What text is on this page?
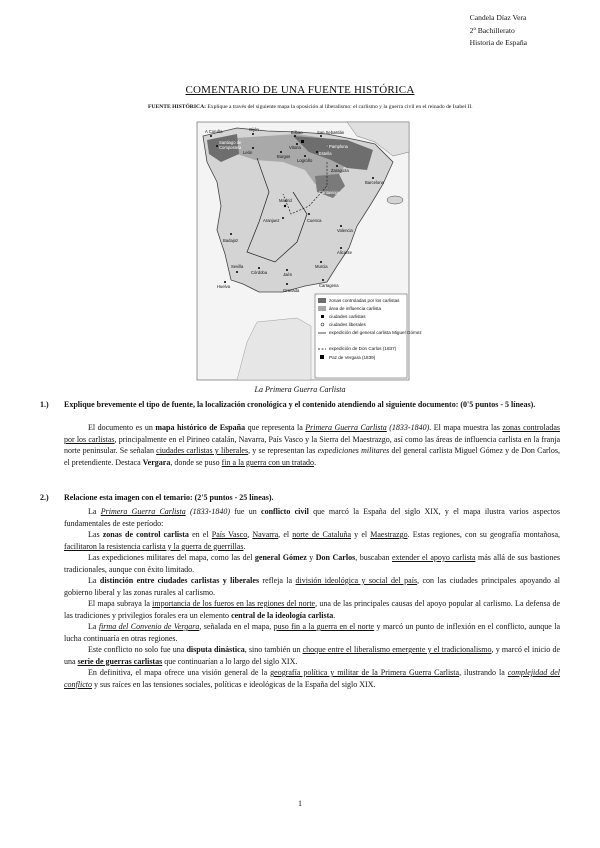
Candela Díaz Vera
2º Bachillerato
Historia de España
COMENTARIO DE UNA FUENTE HISTÓRICA
FUENTE HISTÓRICA: Explique a través del siguiente mapa la oposición al liberalismo: el carlismo y la guerra civil en el reinado de Isabel II.
A Coruña
Santiago de
Compostela
Gijón
Bilbao	San Sebastián
Vitoria	Pamplona
Estella
León
Burgos
Logroño
Zaragoza
Cantavieja
Barcelona
Madrid
Aranjuez	Cuenca
Valencia
Badajoz
Córdoba	Jaén
Murcia
Alicante
Cartagena
Granada
Sevilla
Huelva
zonas controladas por los carlistas
área de influencia carlista
ciudades carlistas
ciudades liberales
expedición del general carlista Miguel Gómez
expedición de Don Carlos (1837)
Paz de Vergara (1839)
La Primera Guerra Carlista
1.)	Explique brevemente el tipo de fuente, la localización cronológica y el contenido atendiendo al siguiente documento: (0'5 puntos - 5 líneas).

El documento es un mapa histórico de España que representa la Primera Guerra Carlista (1833-1840). El mapa muestra las zonas controladas por los carlistas, principalmente en el Pirineo catalán, Navarra, País Vasco y la Sierra del Maestrazgo, así como las áreas de influencia carlista en la franja norte peninsular. Se señalan ciudades carlistas y liberales, y se representan las expediciones militares del general carlista Miguel Gómez y de Don Carlos, el pretendiente. Destaca Vergara, donde se puso fin a la guerra con un tratado.

2.)	Relacione esta imagen con el temario: (2'5 puntos - 25 líneas).

La Primera Guerra Carlista (1833-1840) fue un conflicto civil que marcó la España del siglo XIX, y el mapa ilustra varios aspectos fundamentales de este período:

Las zonas de control carlista en el País Vasco, Navarra, el norte de Cataluña y el Maestrazgo. Estas regiones, con su geografía montañosa, facilitaron la resistencia carlista y la guerra de guerrillas.

Las expediciones militares del mapa, como las del general Gómez y Don Carlos, buscaban extender el apoyo carlista más allá de sus bastiones tradicionales, aunque con éxito limitado.

La distinción entre ciudades carlistas y liberales refleja la división ideológica y social del país, con las ciudades principales apoyando al gobierno liberal y las zonas rurales al carlismo.

El mapa subraya la importancia de los fueros en las regiones del norte, una de las principales causas del apoyo popular al carlismo. La defensa de las tradiciones y privilegios forales era un elemento central de la ideología carlista.

La firma del Convenio de Vergara, señalada en el mapa, puso fin a la guerra en el norte y marcó un punto de inflexión en el conflicto, aunque la lucha continuaría en otras regiones.

Este conflicto no solo fue una disputa dinástica, sino también un choque entre el liberalismo emergente y el tradicionalismo, y marcó el inicio de una serie de guerras carlistas que continuarían a lo largo del siglo XIX.

En definitiva, el mapa ofrece una visión general de la geografía política y militar de la Primera Guerra Carlista, ilustrando la complejidad del conflicto y sus raíces en las tensiones sociales, políticas e ideológicas de la España del siglo XIX.

1
